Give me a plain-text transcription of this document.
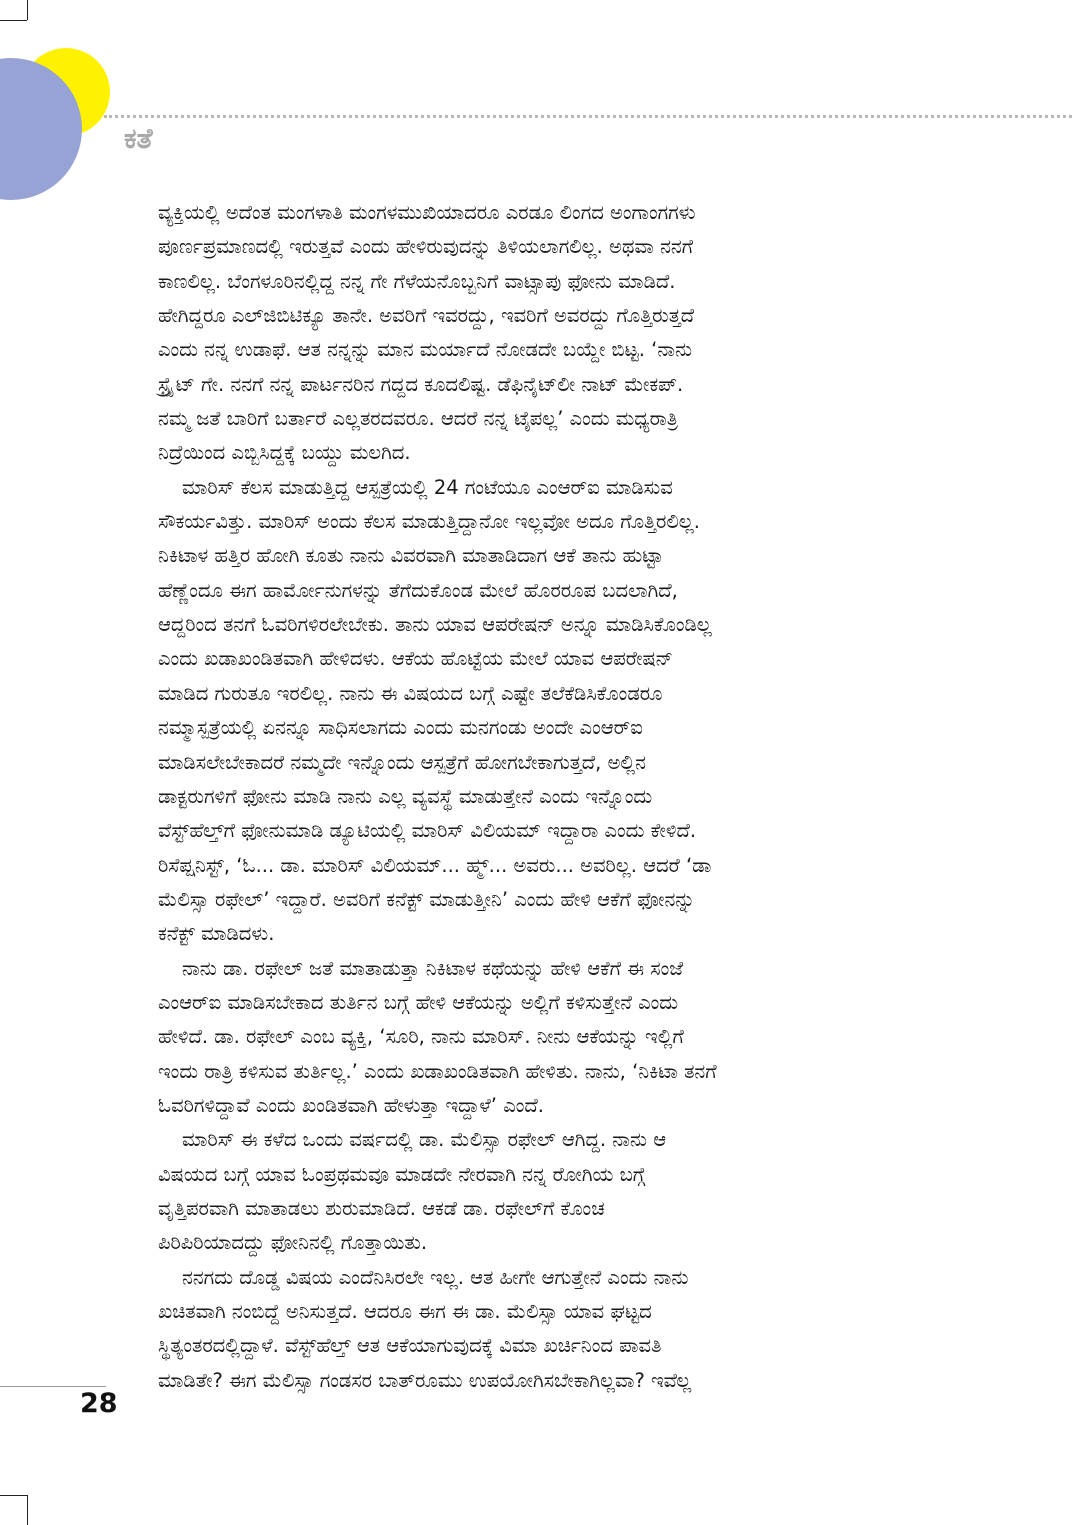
ಕತೆ
ವ್ಯಕ್ತಿಯಲ್ಲಿ ಅದೆಂತ ಮಂಗಳಾತಿ ಮಂಗಳಮುಖಿಯಾದರೂ ಎರಡೂ ಲಿಂಗದ ಅಂಗಾಂಗಗಳು
ಪೂರ್ಣಪ್ರಮಾಣದಲ್ಲಿ ಇರುತ್ತವೆ ಎಂದು ಹೇಳಿರುವುದನ್ನು ತಿಳಿಯಲಾಗಲಿಲ್ಲ. ಅಥವಾ ನನಗೆ
ಕಾಣಲಿಲ್ಲ. ಬೆಂಗಳೂರಿನಲ್ಲಿದ್ದ ನನ್ನ ಗೇ ಗೆಳೆಯನೊಬ್ಬನಿಗೆ ವಾಟ್ಸಾಪು ಫೋನು ಮಾಡಿದೆ.
ಹೇಗಿದ್ದರೂ ಎಲ್‌ಜಿಬಿಟಿಕ್ಯೂ ತಾನೇ. ಅವರಿಗೆ ಇವರದ್ದು, ಇವರಿಗೆ ಅವರದ್ದು ಗೊತ್ತಿರುತ್ತದೆ
ಎಂದು ನನ್ನ ಉಡಾಫೆ. ಆತ ನನ್ನನ್ನು ಮಾನ ಮರ್ಯಾದೆ ನೋಡದೇ ಬಯ್ದೇ ಬಿಟ್ಟ. ‘ನಾನು
ಸ್ಟ್ರೈಟ್ ಗೇ. ನನಗೆ ನನ್ನ ಪಾರ್ಟನರಿನ ಗದ್ದದ ಕೂದಲಿಷ್ಟ. ಡೆಫಿನೈಟ್‌ಲೀ ನಾಟ್ ಮೇಕಪ್.
ನಮ್ಮ ಜತೆ ಬಾರಿಗೆ ಬರ್ತಾರೆ ಎಲ್ಲತರದವರೂ. ಆದರೆ ನನ್ನ ಟೈಪಲ್ಲ’ ಎಂದು ಮಧ್ಯರಾತ್ರಿ
ನಿದ್ರೆಯಿಂದ ಎಬ್ಬಿಸಿದ್ದಕ್ಕೆ ಬಯ್ದು ಮಲಗಿದ.
ಮಾರಿಸ್ ಕೆಲಸ ಮಾಡುತ್ತಿದ್ದ ಆಸ್ಪತ್ರೆಯಲ್ಲಿ 24 ಗಂಟೆಯೂ ಎಂಆರ್‌ಐ ಮಾಡಿಸುವ
ಸೌಕರ್ಯವಿತ್ತು. ಮಾರಿಸ್ ಅಂದು ಕೆಲಸ ಮಾಡುತ್ತಿದ್ದಾನೋ ಇಲ್ಲವೋ ಅದೂ ಗೊತ್ತಿರಲಿಲ್ಲ.
ನಿಕಿಟಾಳ ಹತ್ತಿರ ಹೋಗಿ ಕೂತು ನಾನು ವಿವರವಾಗಿ ಮಾತಾಡಿದಾಗ ಆಕೆ ತಾನು ಹುಟ್ಟಾ
ಹೆಣ್ಣೆಂದೂ ಈಗ ಹಾರ್ಮೋನುಗಳನ್ನು ತೆಗೆದುಕೊಂಡ ಮೇಲೆ ಹೊರರೂಪ ಬದಲಾಗಿದೆ,
ಆದ್ದರಿಂದ ತನಗೆ ಓವರಿಗಳಿರಲೇಬೇಕು. ತಾನು ಯಾವ ಆಪರೇಷನ್ ಅನ್ನೂ ಮಾಡಿಸಿಕೊಂಡಿಲ್ಲ
ಎಂದು ಖಡಾಖಂಡಿತವಾಗಿ ಹೇಳಿದಳು. ಆಕೆಯ ಹೊಟ್ಟೆಯ ಮೇಲೆ ಯಾವ ಆಪರೇಷನ್
ಮಾಡಿದ ಗುರುತೂ ಇರಲಿಲ್ಲ. ನಾನು ಈ ವಿಷಯದ ಬಗ್ಗೆ ಎಷ್ಟೇ ತಲೆಕೆಡಿಸಿಕೊಂಡರೂ
ನಮ್ಮಾಸ್ಪತ್ರೆಯಲ್ಲಿ ಏನನ್ನೂ ಸಾಧಿಸಲಾಗದು ಎಂದು ಮನಗಂಡು ಅಂದೇ ಎಂಆರ್‌ಐ
ಮಾಡಿಸಲೇಬೇಕಾದರೆ ನಮ್ಮದೇ ಇನ್ನೊಂದು ಆಸ್ಪತ್ರೆಗೆ ಹೋಗಬೇಕಾಗುತ್ತದೆ, ಅಲ್ಲಿನ
ಡಾಕ್ಟರುಗಳಿಗೆ ಫೋನು ಮಾಡಿ ನಾನು ಎಲ್ಲ ವ್ಯವಸ್ಥೆ ಮಾಡುತ್ತೇನೆ ಎಂದು ಇನ್ನೊಂದು
ವೆಸ್ಟ್‌ಹೆಲ್ತ್‌ಗೆ ಫೋನುಮಾಡಿ ಡ್ಯೂಟಿಯಲ್ಲಿ ಮಾರಿಸ್ ವಿಲಿಯಮ್ ಇದ್ದಾರಾ ಎಂದು ಕೇಳಿದೆ.
ರಿಸೆಪ್ಷನಿಸ್ಟ್, ‘ಓ... ಡಾ. ಮಾರಿಸ್ ವಿಲಿಯಮ್... ಹ್ಮ್... ಅವರು... ಅವರಿಲ್ಲ. ಆದರೆ ‘ಡಾ
ಮೆಲಿಸ್ಸಾ ರಫೇಲ್’ ಇದ್ದಾರೆ. ಅವರಿಗೆ ಕನೆಕ್ಟ್ ಮಾಡುತ್ತೀನಿ’ ಎಂದು ಹೇಳಿ ಆಕೆಗೆ ಫೋನನ್ನು
ಕನೆಕ್ಟ್ ಮಾಡಿದಳು.
ನಾನು ಡಾ. ರಫೇಲ್ ಜತೆ ಮಾತಾಡುತ್ತಾ ನಿಕಿಟಾಳ ಕಥೆಯನ್ನು ಹೇಳಿ ಆಕೆಗೆ ಈ ಸಂಜೆ
ಎಂಆರ್‌ಐ ಮಾಡಿಸಬೇಕಾದ ತುರ್ತಿನ ಬಗ್ಗೆ ಹೇಳಿ ಆಕೆಯನ್ನು ಅಲ್ಲಿಗೆ ಕಳಿಸುತ್ತೇನೆ ಎಂದು
ಹೇಳಿದೆ. ಡಾ. ರಫೇಲ್ ಎಂಬ ವ್ಯಕ್ತಿ, ‘ಸೂರಿ, ನಾನು ಮಾರಿಸ್. ನೀನು ಆಕೆಯನ್ನು ಇಲ್ಲಿಗೆ
ಇಂದು ರಾತ್ರಿ ಕಳಿಸುವ ತುರ್ತಿಲ್ಲ.’ ಎಂದು ಖಡಾಖಂಡಿತವಾಗಿ ಹೇಳಿತು. ನಾನು, ‘ನಿಕಿಟಾ ತನಗೆ
ಓವರಿಗಳಿದ್ದಾವೆ ಎಂದು ಖಂಡಿತವಾಗಿ ಹೇಳುತ್ತಾ ಇದ್ದಾಳೆ’ ಎಂದೆ.
ಮಾರಿಸ್ ಈ ಕಳೆದ ಒಂದು ವರ್ಷದಲ್ಲಿ ಡಾ. ಮೆಲಿಸ್ಸಾ ರಫೇಲ್ ಆಗಿದ್ದ. ನಾನು ಆ
ವಿಷಯದ ಬಗ್ಗೆ ಯಾವ ಓಂಪ್ರಥಮವೂ ಮಾಡದೇ ನೇರವಾಗಿ ನನ್ನ ರೋಗಿಯ ಬಗ್ಗೆ
ವೃತ್ತಿಪರವಾಗಿ ಮಾತಾಡಲು ಶುರುಮಾಡಿದೆ. ಆಕಡೆ ಡಾ. ರಫೇಲ್‌ಗೆ ಕೊಂಚ
ಪಿರಿಪಿರಿಯಾದದ್ದು ಫೋನಿನಲ್ಲಿ ಗೊತ್ತಾಯಿತು.
ನನಗದು ದೊಡ್ಡ ವಿಷಯ ಎಂದೆನಿಸಿರಲೇ ಇಲ್ಲ. ಆತ ಹೀಗೇ ಆಗುತ್ತೇನೆ ಎಂದು ನಾನು
ಖಚಿತವಾಗಿ ನಂಬಿದ್ದೆ ಅನಿಸುತ್ತದೆ. ಆದರೂ ಈಗ ಈ ಡಾ. ಮೆಲಿಸ್ಸಾ ಯಾವ ಘಟ್ಟದ
ಸ್ಥಿತ್ಯಂತರದಲ್ಲಿದ್ದಾಳೆ. ವೆಸ್ಟ್‌ಹೆಲ್ತ್ ಆತ ಆಕೆಯಾಗುವುದಕ್ಕೆ ವಿಮಾ ಖರ್ಚಿನಿಂದ ಪಾವತಿ
ಮಾಡಿತೇ? ಈಗ ಮೆಲಿಸ್ಸಾ ಗಂಡಸರ ಬಾತ್‌ರೂಮು ಉಪಯೋಗಿಸಬೇಕಾಗಿಲ್ಲವಾ? ಇವೆಲ್ಲ
28
